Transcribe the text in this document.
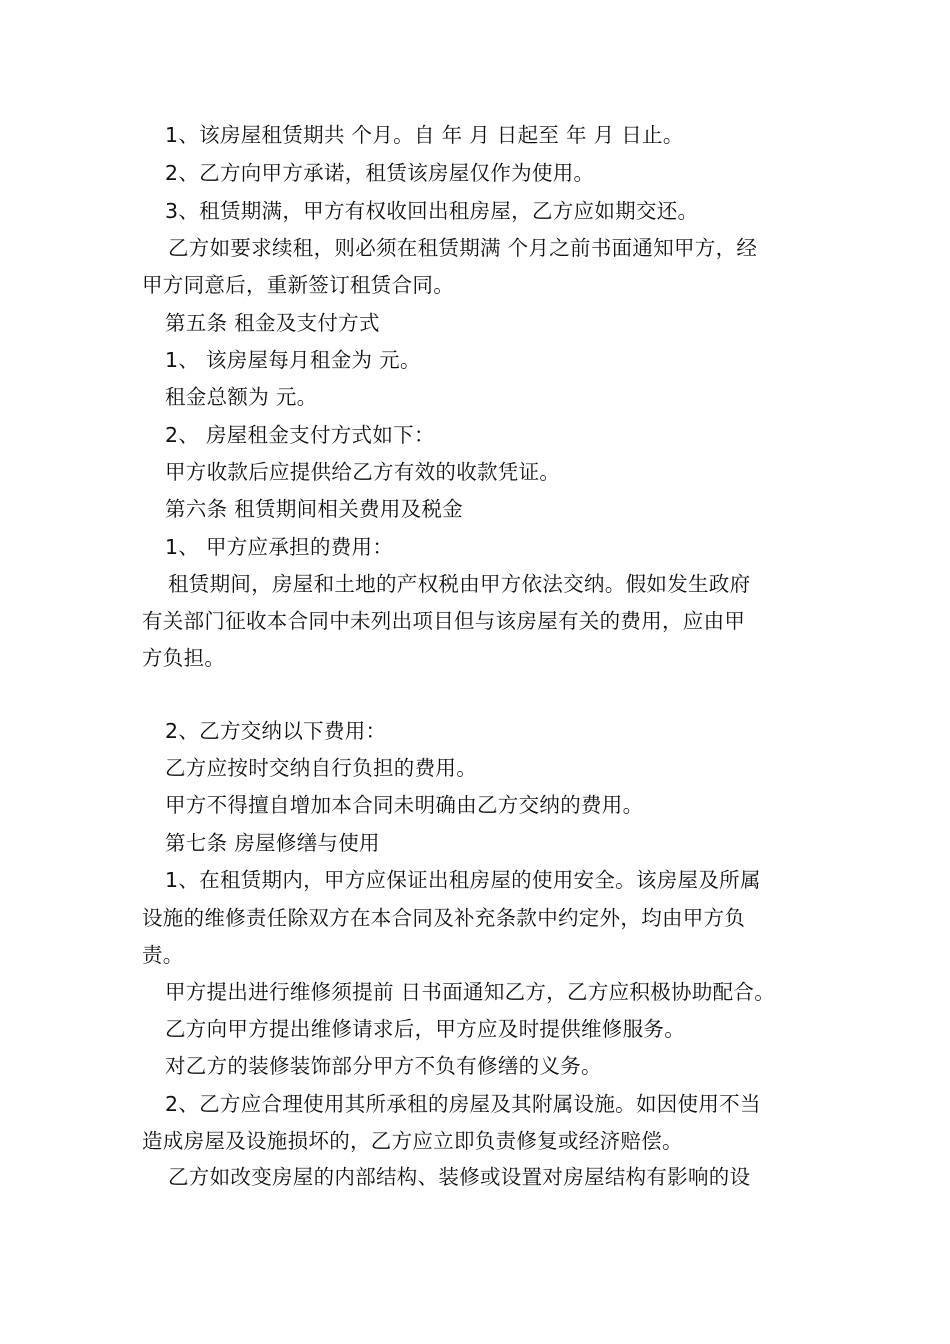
1、该房屋租赁期共 个月。自 年 月 日起至 年 月 日止。

2、乙方向甲方承诺，租赁该房屋仅作为使用。

3、租赁期满，甲方有权收回出租房屋，乙方应如期交还。

乙方如要求续租，则必须在租赁期满 个月之前书面通知甲方，经

甲方同意后，重新签订租赁合同。

第五条 租金及支付方式

1、 该房屋每月租金为 元。

租金总额为 元。

2、 房屋租金支付方式如下：

甲方收款后应提供给乙方有效的收款凭证。

第六条 租赁期间相关费用及税金

1、 甲方应承担的费用：

租赁期间，房屋和土地的产权税由甲方依法交纳。假如发生政府

有关部门征收本合同中未列出项目但与该房屋有关的费用，应由甲

方负担。

2、乙方交纳以下费用：

乙方应按时交纳自行负担的费用。

甲方不得擅自增加本合同未明确由乙方交纳的费用。

第七条 房屋修缮与使用

1、在租赁期内，甲方应保证出租房屋的使用安全。该房屋及所属

设施的维修责任除双方在本合同及补充条款中约定外，均由甲方负

责。

甲方提出进行维修须提前 日书面通知乙方，乙方应积极协助配合。

乙方向甲方提出维修请求后，甲方应及时提供维修服务。

对乙方的装修装饰部分甲方不负有修缮的义务。

2、乙方应合理使用其所承租的房屋及其附属设施。如因使用不当

造成房屋及设施损坏的，乙方应立即负责修复或经济赔偿。

乙方如改变房屋的内部结构、装修或设置对房屋结构有影响的设
